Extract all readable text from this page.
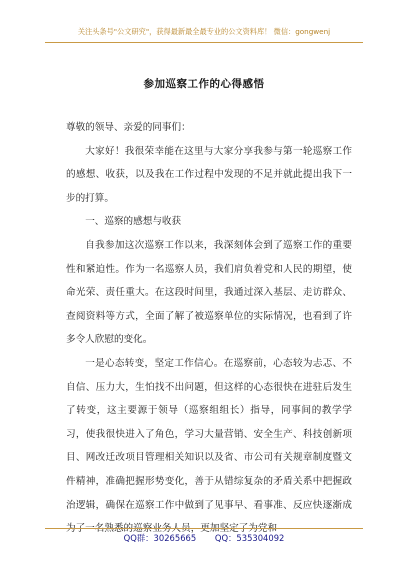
关注头条号"公文研究"，获得最新最全最专业的公文资料库！ 微信：gongwenj
参加巡察工作的心得感悟

尊敬的领导、亲爱的同事们：

大家好！我很荣幸能在这里与大家分享我参与第一轮巡察工作的感想、收获，以及我在工作过程中发现的不足并就此提出我下一步的打算。

一、巡察的感想与收获

自我参加这次巡察工作以来，我深刻体会到了巡察工作的重要性和紧迫性。作为一名巡察人员，我们肩负着党和人民的期望，使命光荣、责任重大。在这段时间里，我通过深入基层、走访群众、查阅资料等方式，全面了解了被巡察单位的实际情况，也看到了许多令人欣慰的变化。

一是心态转变，坚定工作信心。在巡察前，心态较为忐忑、不自信、压力大，生怕找不出问题，但这样的心态很快在进驻后发生了转变，这主要源于领导（巡察组组长）指导，同事间的教学学习，使我很快进入了角色，学习大量营销、安全生产、科技创新项目、网改迁改项目管理相关知识以及省、市公司有关规章制度暨文件精神，准确把握形势变化，善于从错综复杂的矛盾关系中把握政治逻辑，确保在巡察工作中做到了见事早、看事准、反应快逐渐成为了一名熟悉的巡察业务人员，更加坚定了为党和

QQ群：30265665 QQ：535304092
